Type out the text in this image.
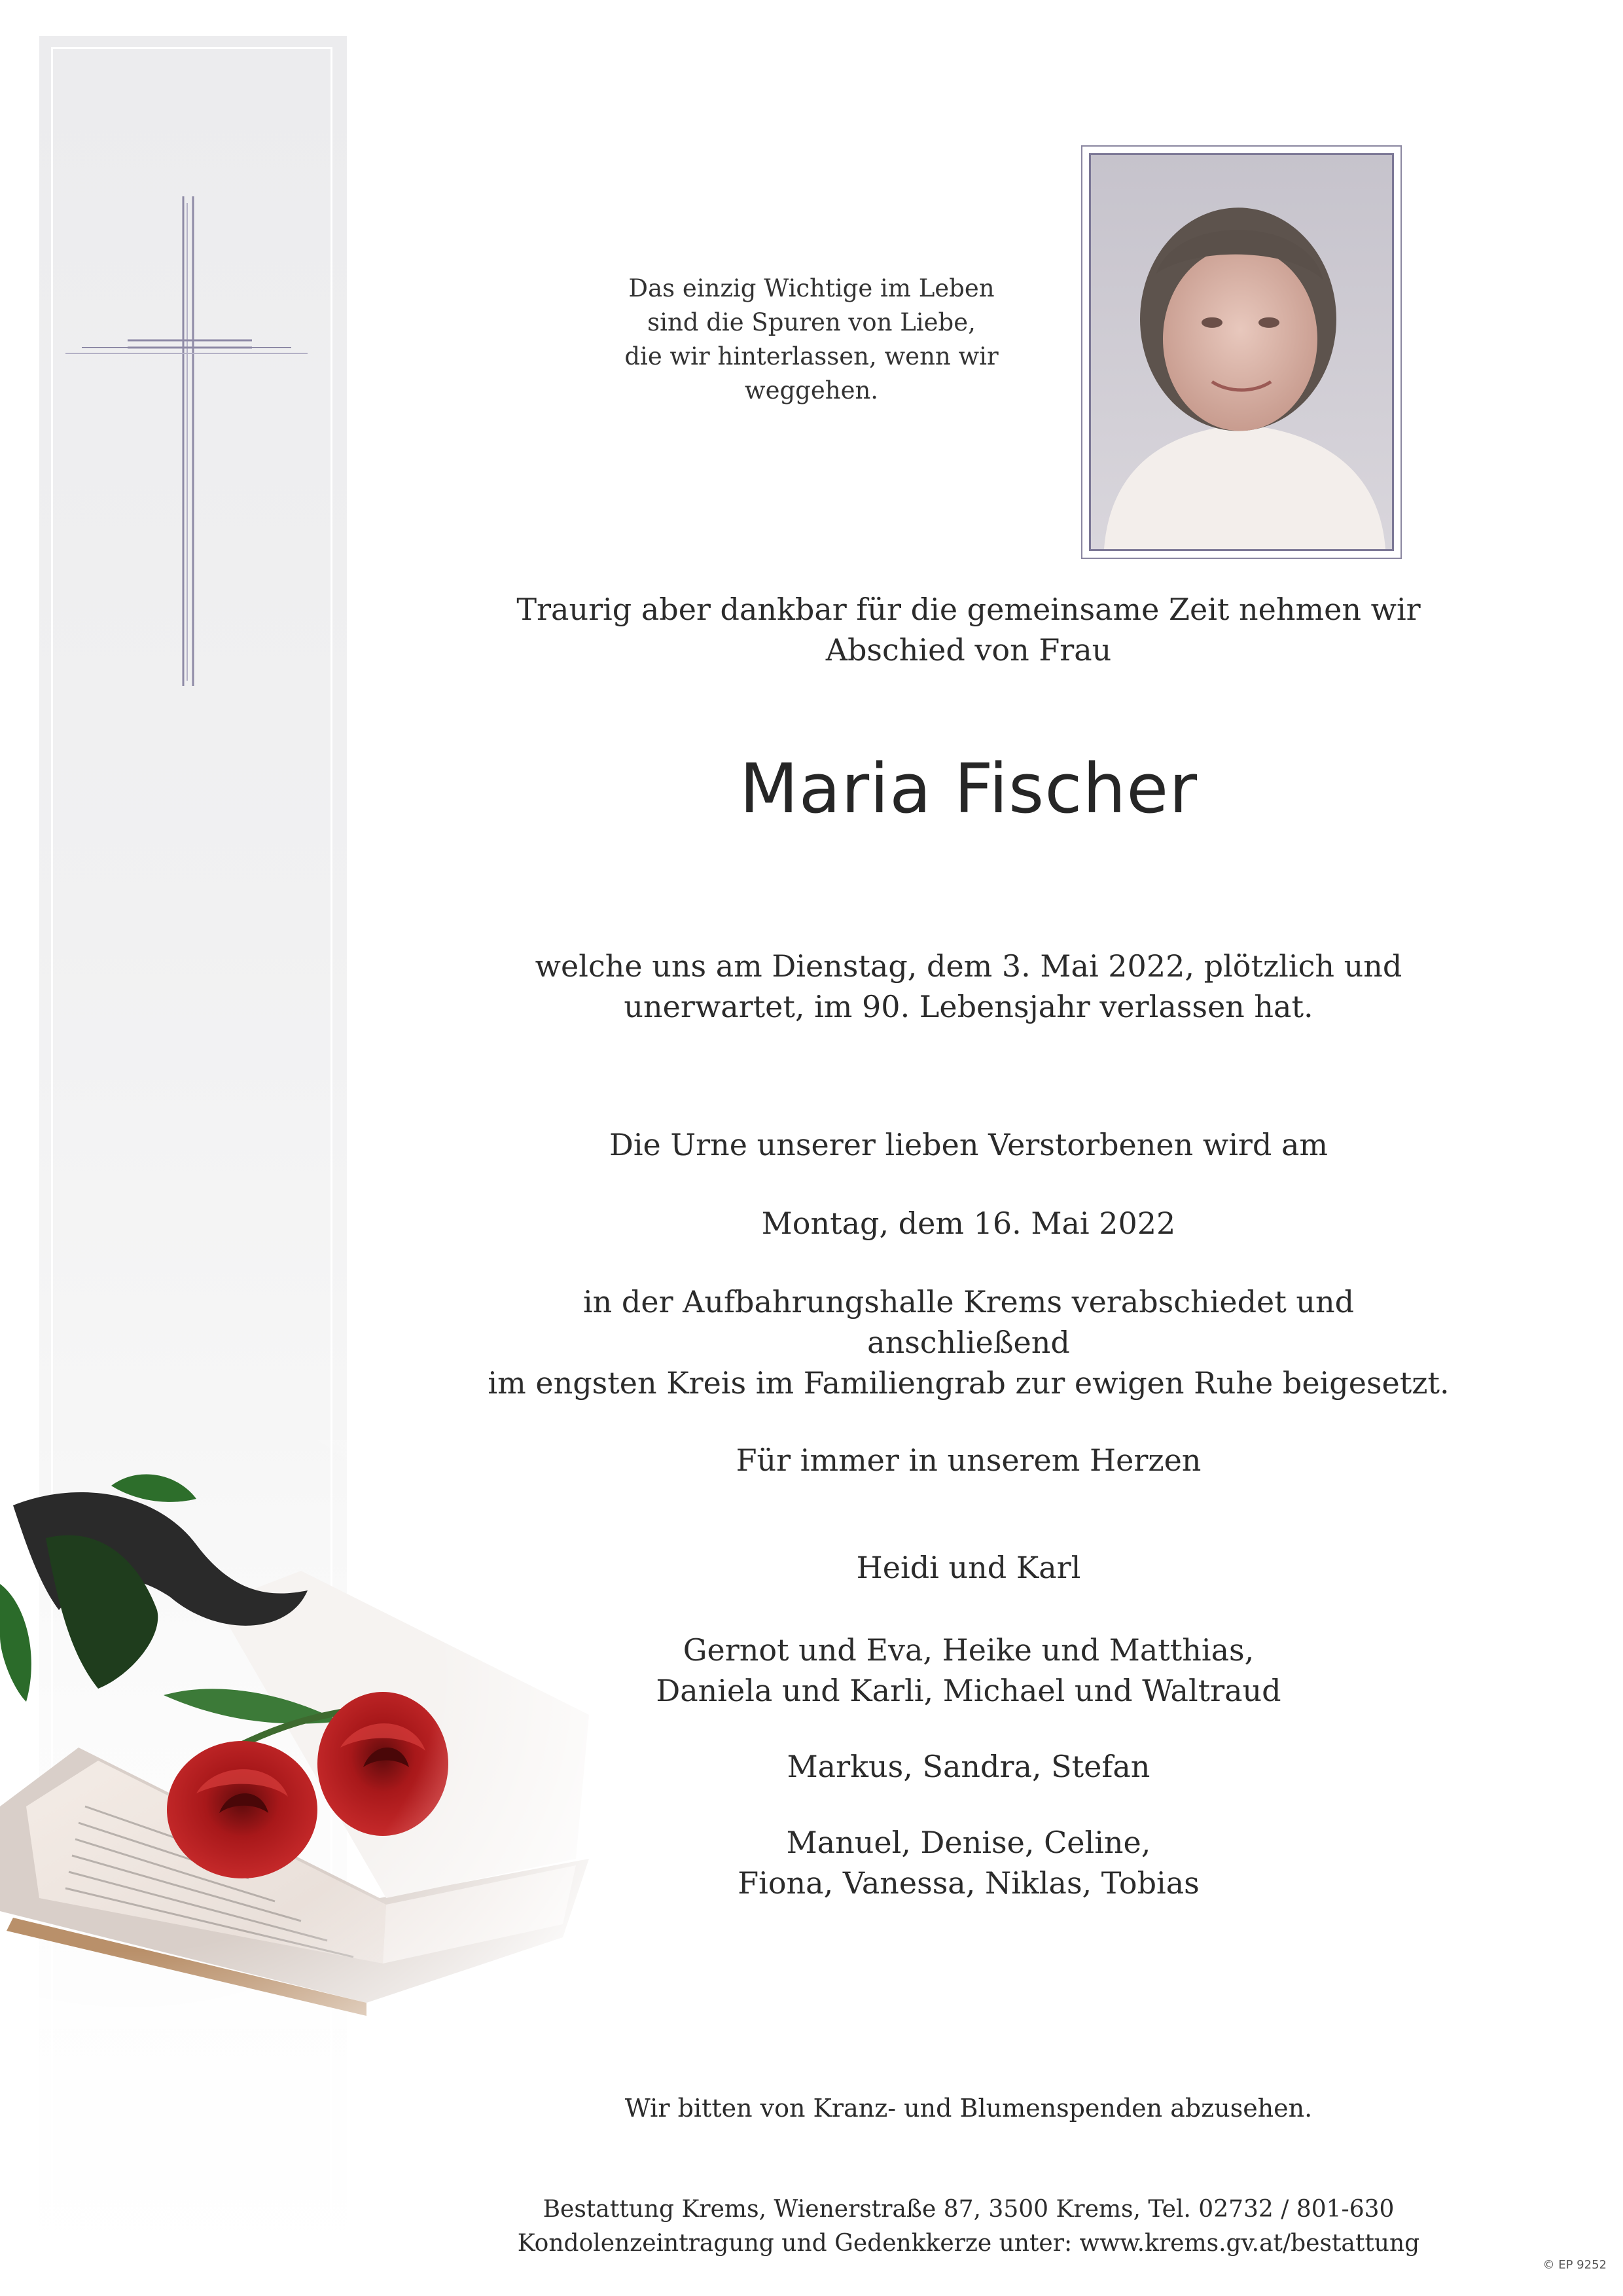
Das einzig Wichtige im Leben
sind die Spuren von Liebe,
die wir hinterlassen, wenn wir
weggehen.
Traurig aber dankbar für die gemeinsame Zeit nehmen wir
Abschied von Frau
Maria Fischer
welche uns am Dienstag, dem 3. Mai 2022, plötzlich und
unerwartet, im 90. Lebensjahr verlassen hat.
Die Urne unserer lieben Verstorbenen wird am
Montag, dem 16. Mai 2022
in der Aufbahrungshalle Krems verabschiedet und anschließend
im engsten Kreis im Familiengrab zur ewigen Ruhe beigesetzt.
Für immer in unserem Herzen
Heidi und Karl
Gernot und Eva, Heike und Matthias,
Daniela und Karli, Michael und Waltraud
Markus, Sandra, Stefan
Manuel, Denise, Celine,
Fiona, Vanessa, Niklas, Tobias
Wir bitten von Kranz- und Blumenspenden abzusehen.
Bestattung Krems, Wienerstraße 87, 3500 Krems, Tel. 02732 / 801-630
Kondolenzeintragung und Gedenkkerze unter: www.krems.gv.at/bestattung
© EP 9252
